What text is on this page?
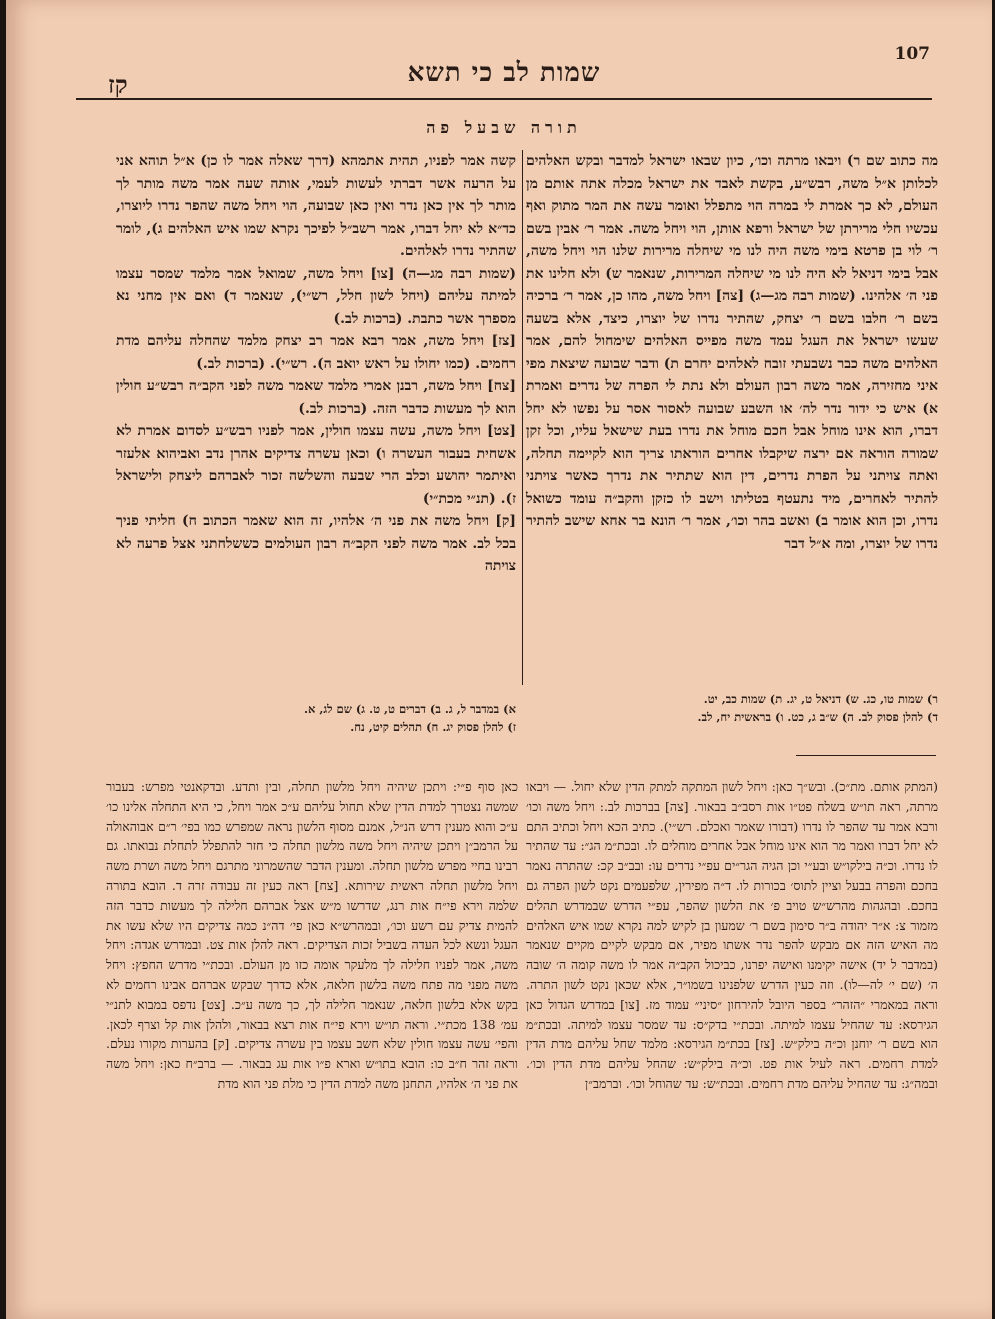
107
קז	שמות לב כי תשא
תורה שבעל פה

מה כתוב שם ר) ויבאו מרתה וכו׳, כיון שבאו ישראל למדבר ובקש האלהים לכלותן א״ל משה, רבש״ע, בקשת לאבד את ישראל מכלה אתה אותם מן העולם, לא כך אמרת לי במרה הוי מתפלל ואומר עשה את המר מתוק ואף עכשיו חלי מרירתן של ישראל ורפא אותן, הוי ויחל משה. אמר ר׳ אבין בשם ר׳ לוי בן פרטא בימי משה היה לנו מי שיחלה מרירות שלנו הוי ויחל משה, אבל בימי דניאל לא היה לנו מי שיחלה המרירות, שנאמר ש) ולא חלינו את פני ה׳ אלהינו. (שמות רבה מג—ג) [צה] ויחל משה, מהו כן, אמר ר׳ ברכיה בשם ר׳ חלבו בשם ר׳ יצחק, שהתיר נדרו של יוצרו, כיצד, אלא בשעה שעשו ישראל את העגל עמד משה מפייס האלהים שימחול להם, אמר האלהים משה כבר נשבעתי זובח לאלהים יחרם ת) ודבר שבועה שיצאת מפי איני מחזירה, אמר משה רבון העולם ולא נתת לי הפרה של נדרים ואמרת א) איש כי ידור נדר לה׳ או השבע שבועה לאסור אסר על נפשו לא יחל דברו, הוא אינו מוחל אבל חכם מוחל את נדרו בעת שישאל עליו, וכל זקן שמורה הוראה אם ירצה שיקבלו אחרים הוראתו צריך הוא לקיימה תחלה, ואתה צויתני על הפרת נדרים, דין הוא שתתיר את נדרך כאשר צויתני להתיר לאחרים, מיד נתעטף בטליתו וישב לו כזקן והקב״ה עומד כשואל נדרו, וכן הוא אומר ב) ואשב בהר וכו׳, אמר ר׳ הונא בר אחא שישב להתיר נדרו של יוצרו, ומה א״ל דבר

קשה אמר לפניו, תהית אתמהא (דרך שאלה אמר לו כן) א״ל תוהא אני על הרעה אשר דברתי לעשות לעמי, אותה שעה אמר משה מותר לך מותר לך אין כאן נדר ואין כאן שבועה, הוי ויחל משה שהפר נדרו ליוצרו, כד״א לא יחל דברו, אמר רשב״ל לפיכך נקרא שמו איש האלהים ג), לומר שהתיר נדרו לאלהים.

(שמות רבה מג—ה) [צו] ויחל משה, שמואל אמר מלמד שמסר עצמו למיתה עליהם (ויחל לשון חלל, רש״י), שנאמר ד) ואם אין מחני נא מספרך אשר כתבת. (ברכות לב.)

[צז] ויחל משה, אמר רבא אמר רב יצחק מלמד שהחלה עליהם מדת רחמים. (כמו יחולו על ראש יואב ה). רש״י). (ברכות לב.)

[צח] ויחל משה, רבנן אמרי מלמד שאמר משה לפני הקב״ה רבש״ע חולין הוא לך מעשות כדבר הזה. (ברכות לב.)

[צט] ויחל משה, עשה עצמו חולין, אמר לפניו רבש״ע לסדום אמרת לא אשחית בעבור העשרה ו) וכאן עשרה צדיקים אהרן נדב ואביהוא אלעזר ואיתמר יהושע וכלב הרי שבעה והשלשה זכור לאברהם ליצחק ולישראל ז). (תנ״י מכת״י)

[ק] ויחל משה את פני ה׳ אלהיו, זה הוא שאמר הכתוב ח) חליתי פניך בכל לב. אמר משה לפני הקב״ה רבון העולמים כששלחתני אצל פרעה לא צויתה

ר) שמות טו, כג. ש) דניאל ט, יג. ת) שמות כב, יט.
ד) להלן פסוק לב. ה) ש״ב ג, כט. ו) בראשית יח, לב.
א) במדבר ל, ג. ב) דברים ט, ט. ג) שם לג, א.
ז) להלן פסוק יג. ח) תהלים קיט, נח.

(המתק אותם. מת״כ). ובש״ך כאן: ויחל לשון המתקה למתק הדין שלא יחול. — ויבאו מרתה, ראה תו״ש בשלח פט״ו אות רסב״ב בבאור. [צה] בברכות לב.: ויחל משה וכו׳ ורבא אמר עד שהפר לו נדרו (דבורו שאמר ואכלם. רש״י). כתיב הכא ויחל וכתיב התם לא יחל דברו ואמר מר הוא אינו מוחל אבל אחרים מוחלים לו. ובכת״מ הג״: עד שהתיר לו נדרו. וכ״ה בילקו״ש ובע״י וכן הגיה הגר״ים עפ״י נדרים עו: ובב״ב קכ: שהתרה נאמר בחכם והפרה בבעל וציין לתוס׳ בכורות לו. ד״ה מפירין, שלפעמים נקט לשון הפרה גם בחכם. ובהגהות מהרש״ש טויב פ׳ את הלשון שהפר, עפ״י הדרש שבמדרש תהלים מזמור צ: א״ר יהודה ב״ר סימון בשם ר׳ שמעון בן לקיש למה נקרא שמו איש האלהים מה האיש הזה אם מבקש להפר נדר אשתו מפיר, אם מבקש לקיים מקיים שנאמר (במדבר ל יד) אישה יקימנו ואישה יפרנו, כביכול הקב״ה אמר לו משה קומה ה׳ שובה ה׳ (שם י׳ לה—לו). וזה כעין הדרש שלפנינו בשמו״ר, אלא שכאן נקט לשון התרה. וראה במאמרי ״הזהר״ בספר היובל להירחון ״סיני״ עמוד מז. [צו] במדרש הגדול כאן הגירסא: עד שהחיל עצמו למיתה. ובכת״י בדק״ס: עד שמסר עצמו למיתה. ובכת״מ הוא בשם ר׳ יוחנן וכ״ה בילק״ש. [צז] בכת״מ הגירסא: מלמד שחל עליהם מדת הדין למדת רחמים. ראה לעיל אות פט. וכ״ה בילק״ש: שהחל עליהם מדת הדין וכו׳. ובמה״ג: עד שהחיל עליהם מדת רחמים. ובכת״ש: עד שהוחל וכו׳. וברמב״ן

כאן סוף פ״י: ויתכן שיהיה ויחל מלשון תחלה, ובין ותדע. ובדקאנטי מפרש: בעבור שמשה נצטרך למדת הדין שלא תחול עליהם ע״כ אמר ויחל, כי היא התחלה אלינו כו׳ ע״כ והוא מענין דרש הנ״ל, אמנם מסוף הלשון נראה שמפרש כמו בפי׳ ר״ם אבוהאולה על הרמב״ן ויתכן שיהיה ויחל משה מלשון תחלה כי חזר להתפלל לתחלת נבואתו. גם רבינו בחיי מפרש מלשון תחלה. ומענין הדבר שהשמרוני מתרגם ויחל משה ושרת משה ויחל מלשון תחלה ראשית שירותא. [צח] ראה כעין זה עבודה זרה ד. הובא בתורה שלמה וירא פי״ח אות רנג, שדרשו מ״ש אצל אברהם חלילה לך מעשות כדבר הזה להמית צדיק עם רשע וכו׳, ובמהרש״א כאן פי׳ דה״נ כמה צדיקים היו שלא עשו את העגל ונשא לכל העדה בשביל זכות הצדיקים. ראה להלן אות צט. ובמדרש אגדה: ויחל משה, אמר לפניו חלילה לך מלעקר אומה כזו מן העולם. ובכת״י מדרש החפץ: ויחל משה מפני מה פתח משה בלשון חלאה, אלא כדרך שבקש אברהם אבינו רחמים לא בקש אלא בלשון חלאה, שנאמר חלילה לך, כך משה ע״כ. [צט] נדפס במבוא לתנ״י עמ׳ 138 מכת״י. וראה תו״ש וירא פי״ח אות רצא בבאור, ולהלן אות קל וצרף לכאן. והפי׳ עשה עצמו חולין שלא חשב עצמו בין עשרה צדיקים. [ק] בהערות מקורו נעלם. וראה זהר ח״ב כו: הובא בתו״ש וארא פ״ו אות עג בבאור. — ברב״ח כאן: ויחל משה את פני ה׳ אלהיו, התחנן משה למדת הדין כי מלת פני הוא מדת
